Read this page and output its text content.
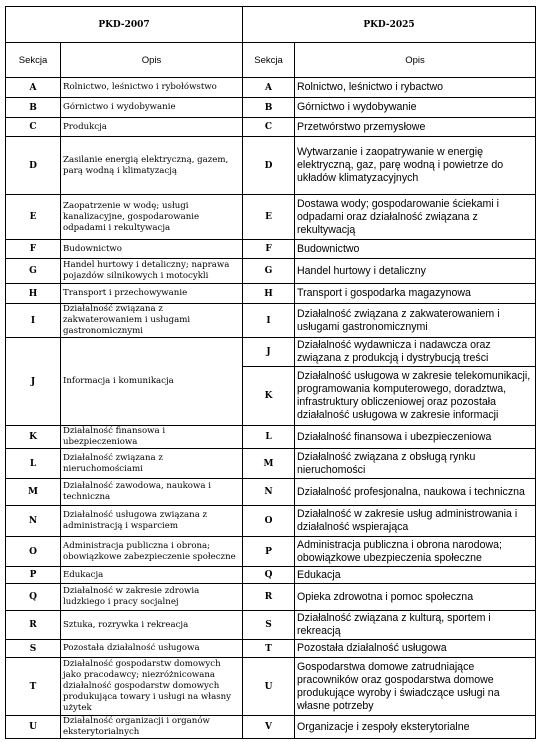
PKD-2007		PKD-2025	
Sekcja	Opis	Sekcja	Opis
A	Rolnictwo, leśnictwo i rybołówstwo	A	Rolnictwo, leśnictwo i rybactwo
B	Górnictwo i wydobywanie	B	Górnictwo i wydobywanie
C	Produkcja	C	Przetwórstwo przemysłowe
D	Zasilanie energią elektryczną, gazem, parą wodną i klimatyzacją	D	Wytwarzanie i zaopatrywanie w energię elektryczną, gaz, parę wodną i powietrze do układów klimatyzacyjnych
E	Zaopatrzenie w wodę; usługi kanalizacyjne, gospodarowanie odpadami i rekultywacja	E	Dostawa wody; gospodarowanie ściekami i odpadami oraz działalność związana z rekultywacją
F	Budownictwo	F	Budownictwo
G	Handel hurtowy i detaliczny; naprawa pojazdów silnikowych i motocykli	G	Handel hurtowy i detaliczny
H	Transport i przechowywanie	H	Transport i gospodarka magazynowa
I	Działalność związana z zakwaterowaniem i usługami gastronomicznymi	I	Działalność związana z zakwaterowaniem i usługami gastronomicznymi
J	Informacja i komunikacja	J	Działalność wydawnicza i nadawcza oraz związana z produkcją i dystrybucją treści
		K	Działalność usługowa w zakresie telekomunikacji, programowania komputerowego, doradztwa, infrastruktury obliczeniowej oraz pozostała działalność usługowa w zakresie informacji
K	Działalność finansowa i ubezpieczeniowa	L	Działalność finansowa i ubezpieczeniowa
L	Działalność związana z nieruchomościami	M	Działalność związana z obsługą rynku nieruchomości
M	Działalność zawodowa, naukowa i techniczna	N	Działalność profesjonalna, naukowa i techniczna
N	Działalność usługowa związana z administracją i wsparciem	O	Działalność w zakresie usług administrowania i działalność wspierająca
O	Administracja publiczna i obrona; obowiązkowe zabezpieczenie społeczne	P	Administracja publiczna i obrona narodowa; obowiązkowe ubezpieczenia społeczne
P	Edukacja	Q	Edukacja
Q	Działalność w zakresie zdrowia ludzkiego i pracy socjalnej	R	Opieka zdrowotna i pomoc społeczna
R	Sztuka, rozrywka i rekreacja	S	Działalność związana z kulturą, sportem i rekreacją
S	Pozostała działalność usługowa	T	Pozostała działalność usługowa
T	Działalność gospodarstw domowych jako pracodawcy; niezróżnicowana działalność gospodarstw domowych produkująca towary i usługi na własny użytek	U	Gospodarstwa domowe zatrudniające pracowników oraz gospodarstwa domowe produkujące wyroby i świadczące usługi na własne potrzeby
U	Działalność organizacji i organów eksterytorialnych	V	Organizacje i zespoły eksterytorialne
